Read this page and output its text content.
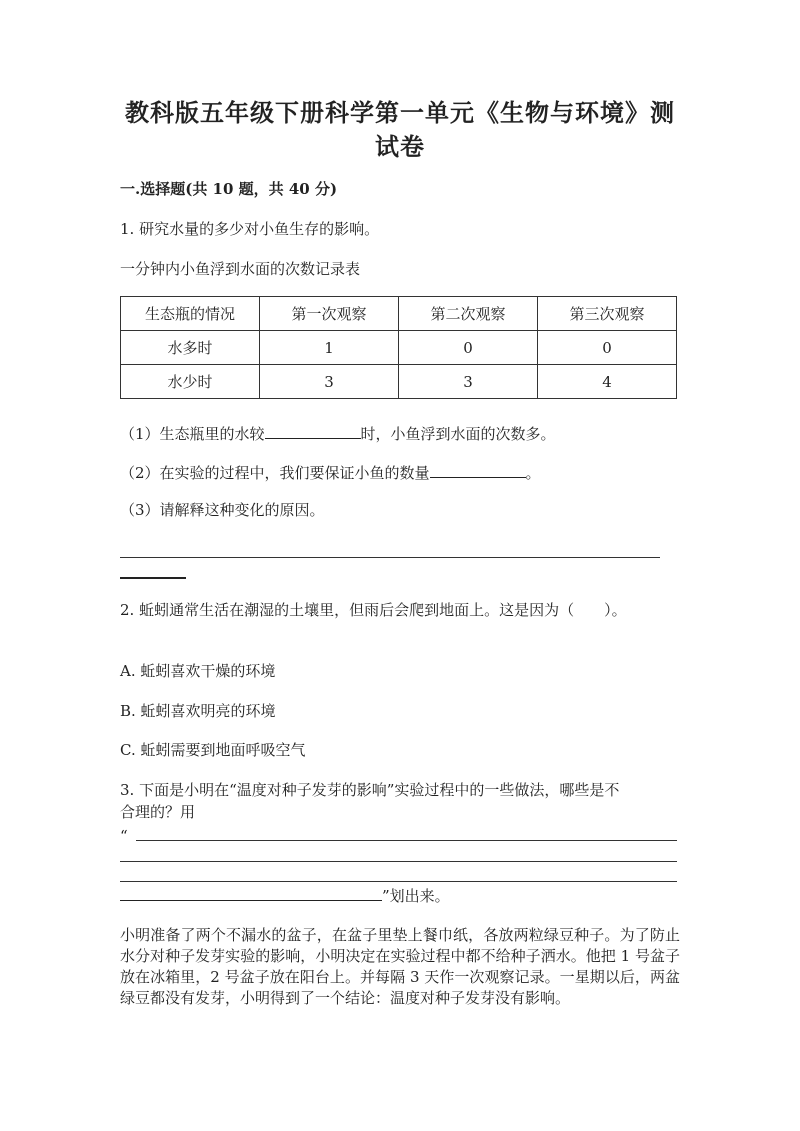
教科版五年级下册科学第一单元《生物与环境》测
试卷
一.选择题(共 10 题，共 40 分)
1. 研究水量的多少对小鱼生存的影响。
一分钟内小鱼浮到水面的次数记录表
生态瓶的情况	第一次观察	第二次观察	第三次观察
水多时	1	0	0
水少时	3	3	4
（1）生态瓶里的水较	时，小鱼浮到水面的次数多。
（2）在实验的过程中，我们要保证小鱼的数量	。
（3）请解释这种变化的原因。
2. 蚯蚓通常生活在潮湿的土壤里，但雨后会爬到地面上。这是因为（　　）。
A. 蚯蚓喜欢干燥的环境
B. 蚯蚓喜欢明亮的环境
C. 蚯蚓需要到地面呼吸空气
3. 下面是小明在“温度对种子发芽的影响”实验过程中的一些做法，哪些是不
合理的？用
“
”划出来。
小明准备了两个不漏水的盆子，在盆子里垫上餐巾纸，各放两粒绿豆种子。为了防止水分对种子发芽实验的影响，小明决定在实验过程中都不给种子洒水。他把 1 号盆子放在冰箱里，2 号盆子放在阳台上。并每隔 3 天作一次观察记录。一星期以后，两盆绿豆都没有发芽，小明得到了一个结论：温度对种子发芽没有影响。
